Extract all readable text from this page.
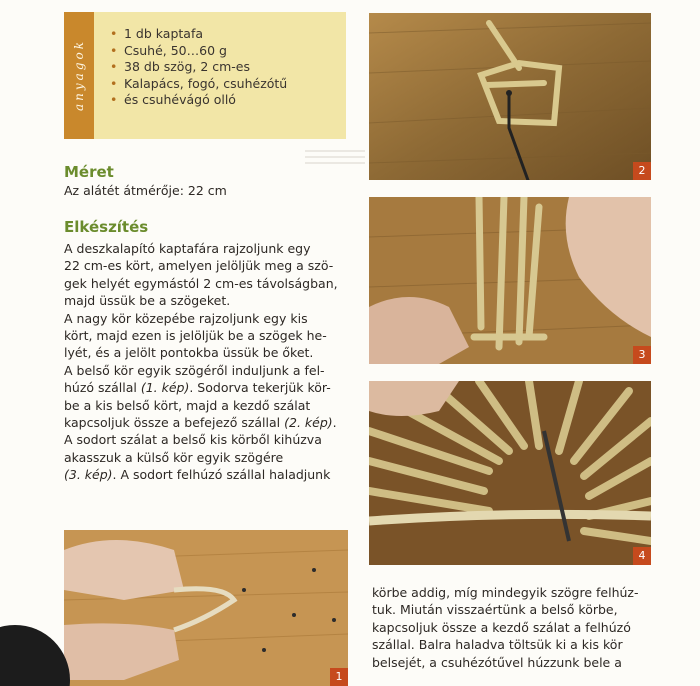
anyagok
• 1 db kaptafa
• Csuhé, 50…60 g
• 38 db szög, 2 cm-es
• Kalapács, fogó, csuhézótű
• és csuhévágó olló
Méret
Az alátét átmérője: 22 cm
Elkészítés

A deszkalapító kaptafára rajzoljunk egy

22 cm-es kört, amelyen jelöljük meg a szö-

gek helyét egymástól 2 cm-es távolságban,

majd üssük be a szögeket.

A nagy kör közepébe rajzoljunk egy kis

kört, majd ezen is jelöljük be a szögek he-

lyét, és a jelölt pontokba üssük be őket.

A belső kör egyik szögéről induljunk a fel-

húzó szállal (1. kép). Sodorva tekerjük kör-

be a kis belső kört, majd a kezdő szálat

kapcsoljuk össze a befejező szállal (2. kép).

A sodort szálat a belső kis körből kihúzva

akasszuk a külső kör egyik szögére

(3. kép). A sodort felhúzó szállal haladjunk

körbe addig, míg mindegyik szögre felhúz-
tuk. Miután visszaértünk a belső körbe,
kapcsoljuk össze a kezdő szálat a felhúzó
szállal. Balra haladva töltsük ki a kis kör
belsejét, a csuhézótűvel húzzunk bele a
2
3
4
1
